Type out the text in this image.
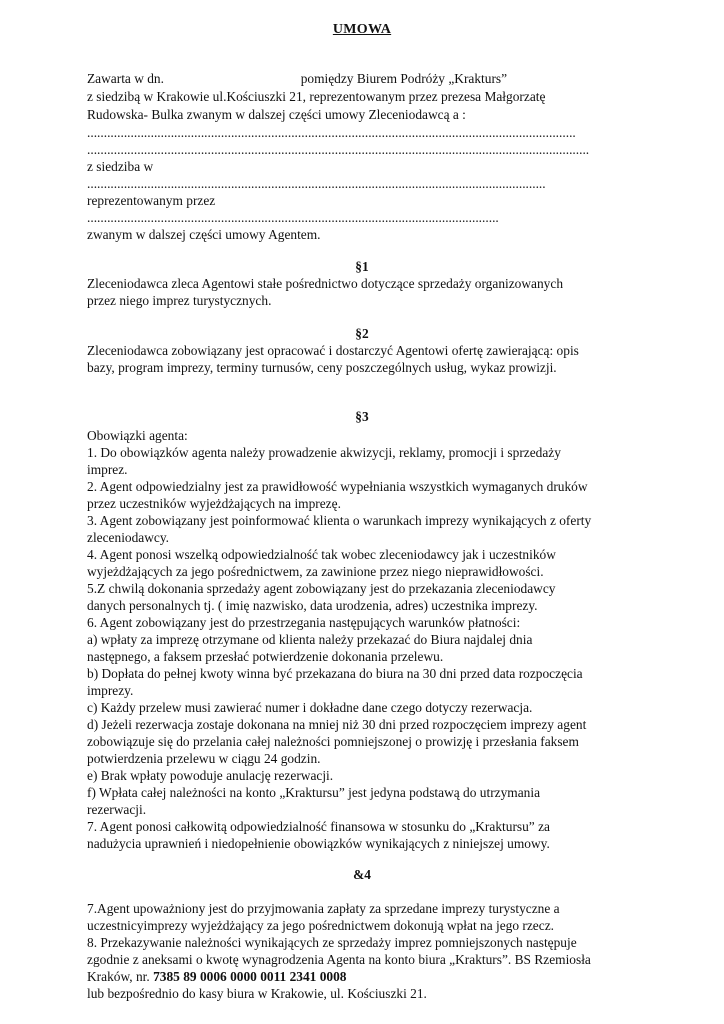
UMOWA
Zawarta w dn.	pomiędzy Biurem Podróży „Krakturs”
z siedzibą w Krakowie ul.Kościuszki 21, reprezentowanym przez prezesa Małgorzatę
Rudowska- Bulka zwanym w dalszej części umowy Zleceniodawcą a :
..................................................................................................................................................
......................................................................................................................................................
z siedziba w
.........................................................................................................................................
reprezentowanym przez
...........................................................................................................................
zwanym w dalszej części umowy Agentem.
§1
Zleceniodawca zleca Agentowi stałe pośrednictwo dotyczące sprzedaży organizowanych
przez niego imprez turystycznych.
§2
Zleceniodawca zobowiązany jest opracować i dostarczyć Agentowi ofertę zawierającą: opis
bazy, program imprezy, terminy turnusów, ceny poszczególnych usług, wykaz prowizji.
§3
Obowiązki agenta:
1. Do obowiązków agenta należy prowadzenie akwizycji, reklamy, promocji i sprzedaży
imprez.
2. Agent odpowiedzialny jest za prawidłowość wypełniania wszystkich wymaganych druków
przez uczestników wyjeżdżających na imprezę.
3. Agent zobowiązany jest poinformować klienta o warunkach imprezy wynikających z oferty
zleceniodawcy.
4. Agent ponosi wszelką odpowiedzialność tak wobec zleceniodawcy jak i uczestników
wyjeżdżających za jego pośrednictwem, za zawinione przez niego nieprawidłowości.
5.Z chwilą dokonania sprzedaży agent zobowiązany jest do przekazania zleceniodawcy
danych personalnych tj. ( imię nazwisko, data urodzenia, adres) uczestnika imprezy.
6. Agent zobowiązany jest do przestrzegania następujących warunków płatności:
a) wpłaty za imprezę otrzymane od klienta należy przekazać do Biura najdalej dnia
następnego, a faksem przesłać potwierdzenie dokonania przelewu.
b) Dopłata do pełnej kwoty winna być przekazana do biura na 30 dni przed data rozpoczęcia
imprezy.
c) Każdy przelew musi zawierać numer i dokładne dane czego dotyczy rezerwacja.
d) Jeżeli rezerwacja zostaje dokonana na mniej niż 30 dni przed rozpoczęciem imprezy agent
zobowiązuje się do przelania całej należności pomniejszonej o prowizję i przesłania faksem
potwierdzenia przelewu w ciągu 24 godzin.
e) Brak wpłaty powoduje anulację rezerwacji.
f) Wpłata całej należności na konto „Kraktursu” jest jedyna podstawą do utrzymania
rezerwacji.
7. Agent ponosi całkowitą odpowiedzialność finansowa w stosunku do „Kraktursu” za
nadużycia uprawnień i niedopełnienie obowiązków wynikających z niniejszej umowy.
&4
7.Agent upoważniony jest do przyjmowania zapłaty za sprzedane imprezy turystyczne a
uczestnicyimprezy wyjeżdżający za jego pośrednictwem dokonują wpłat na jego rzecz.
8. Przekazywanie należności wynikających ze sprzedaży imprez pomniejszonych następuje
zgodnie z aneksami o kwotę wynagrodzenia Agenta na konto biura „Krakturs”. BS Rzemiosła
Kraków, nr. 7385 89 0006 0000 0011 2341 0008
lub bezpośrednio do kasy biura w Krakowie, ul. Kościuszki 21.
